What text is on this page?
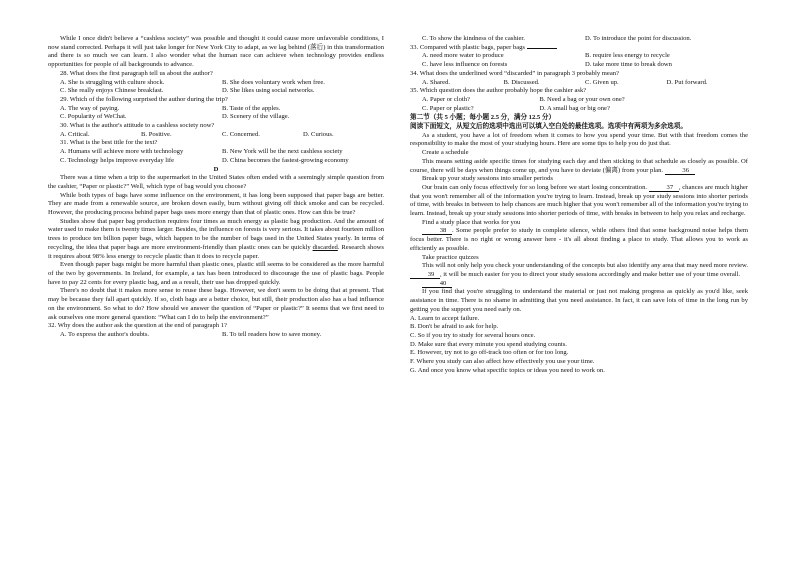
While I once didn't believe a “cashless society” was possible and thought it could cause more unfavorable conditions, I now stand corrected. Perhaps it will just take longer for New York City to adapt, as we lag behind (落后) in this transformation and there is so much we can learn. I also wonder what the human race can achieve when technology provides endless opportunities for people of all backgrounds to advance.

28. What does the first paragraph tell us about the author?

A. She is struggling with culture shock.	B. She does voluntary work when free.
C. She really enjoys Chinese breakfast.	D. She likes using social networks.

29. Which of the following surprised the author during the trip?

A. The way of paying.	B. Taste of the apples.
C. Popularity of WeChat.	D. Scenery of the village.

30. What is the author's attitude to a cashless society now?

A. Critical.	B. Positive.	C. Concerned.	D. Curious.

31. What is the best title for the text?

A. Humans will achieve more with technology	B. New York will be the next cashless society
C. Technology helps improve everyday life	D. China becomes the fastest-growing economy

D

There was a time when a trip to the supermarket in the United States often ended with a seemingly simple question from the cashier, “Paper or plastic?” Well, which type of bag would you choose?

While both types of bags have some influence on the environment, it has long been supposed that paper bags are better. They are made from a renewable source, are broken down easily, burn without giving off thick smoke and can be recycled. However, the producing process behind paper bags uses more energy than that of plastic ones. How can this be true?

Studies show that paper bag production requires four times as much energy as plastic bag production. And the amount of water used to make them is twenty times larger. Besides, the influence on forests is very serious. It takes about fourteen million trees to produce ten billion paper bags, which happen to be the number of bags used in the United States yearly. In terms of recycling, the idea that paper bags are more environment-friendly than plastic ones can be quickly discarded. Research shows it requires about 98% less energy to recycle plastic than it does to recycle paper.

Even though paper bags might be more harmful than plastic ones, plastic still seems to be considered as the more harmful of the two by governments. In Ireland, for example, a tax has been introduced to discourage the use of plastic bags. People have to pay 22 cents for every plastic bag, and as a result, their use has dropped quickly.

There's no doubt that it makes more sense to reuse these bags. However, we don't seem to be doing that at present. That may be because they fall apart quickly. If so, cloth bags are a better choice, but still, their production also has a bad influence on the environment. So what to do? How should we answer the question of “Paper or plastic?” It seems that we first need to ask ourselves one more general question: “What can I do to help the environment?”

32. Why does the author ask the question at the end of paragraph 1?

A. To express the author's doubts.	B. To tell readers how to save money.
C. To show the kindness of the cashier.	D. To introduce the point for discussion.

33. Compared with plastic bags, paper bags

A. need more water to produce	B. require less energy to recycle
C. have less influence on forests	D. take more time to break down

34. What does the underlined word “discarded” in paragraph 3 probably mean?

A. Shared.	B. Discussed.	C. Given up.	D. Put forward.

35. Which question does the author probably hope the cashier ask?

A. Paper or cloth?	B. Need a bag or your own one?
C. Paper or plastic?	D. A small bag or big one?

第二节（共 5 小题；每小题 2.5 分，满分 12.5 分）

阅读下面短文，从短文后的选项中选出可以填入空白处的最佳选项。选项中有两项为多余选项。

As a student, you have a lot of freedom when it comes to how you spend your time. But with that freedom comes the responsibility to make the most of your studying hours. Here are some tips to help you do just that.

Create a schedule

This means setting aside specific times for studying each day and then sticking to that schedule as closely as possible. Of course, there will be days when things come up, and you have to deviate (偏离) from your plan.	36

Break up your study sessions into smaller periods

Our brain can only focus effectively for so long before we start losing concentration.	37 , chances are much higher that you won't remember all of the information you're trying to learn. Instead, break up your study sessions into shorter periods of time, with breaks in between to help chances are much higher that you won't remember all of the information you're trying to learn. Instead, break up your study sessions into shorter periods of time, with breaks in between to help you relax and recharge.

Find a study place that works for you

38 . Some people prefer to study in complete silence, while others find that some background noise helps them focus better. There is no right or wrong answer here - it's all about finding a place to study. That allows you to work as efficiently as possible.

Take practice quizzes

This will not only help you check your understanding of the concepts but also identify any area that may need more review. 39 , it will be much easier for you to direct your study sessions accordingly and make better use of your time overall.

40

If you find that you're struggling to understand the material or just not making progress as quickly as you'd like, seek assistance in time. There is no shame in admitting that you need assistance. In fact, it can save lots of time in the long run by getting you the support you need early on.

A. Learn to accept failure.

B. Don't be afraid to ask for help.

C. So if you try to study for several hours once.

D. Make sure that every minute you spend studying counts.

E. However, try not to go off-track too often or for too long.

F. Where you study can also affect how effectively you use your time.

G. And once you know what specific topics or ideas you need to work on.
